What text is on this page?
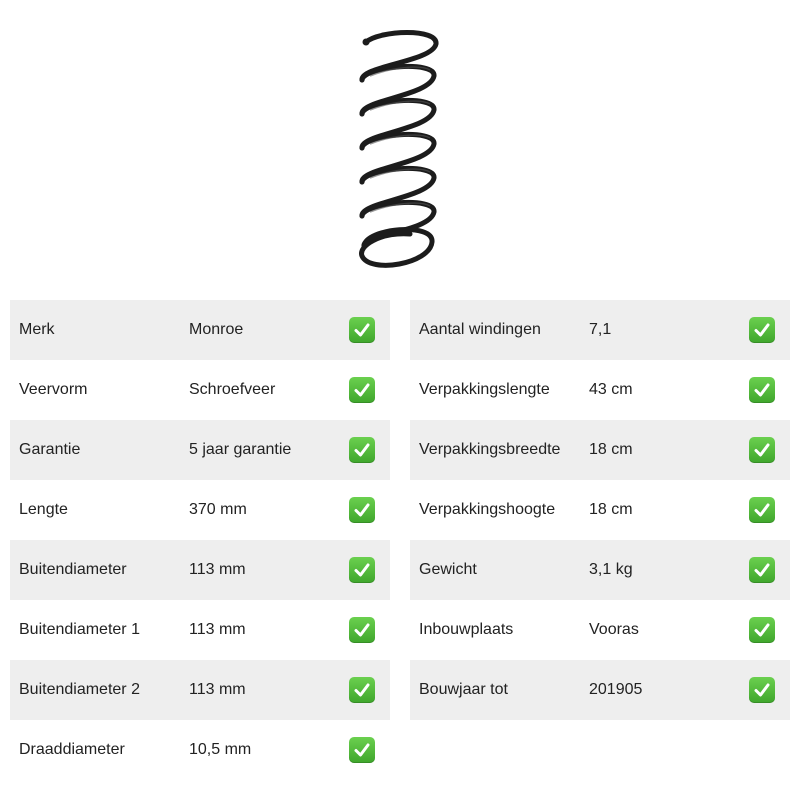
Merk	Monroe
Veervorm	Schroefveer
Garantie	5 jaar garantie
Lengte	370 mm
Buitendiameter	113 mm
Buitendiameter 1	113 mm
Buitendiameter 2	113 mm
Draaddiameter	10,5 mm
Aantal windingen	7,1
Verpakkingslengte 43 cm
Verpakkingsbreedte 18 cm
Verpakkingshoogte 18 cm
Gewicht	3,1 kg
Inbouwplaats	Vooras
Bouwjaar tot	201905
